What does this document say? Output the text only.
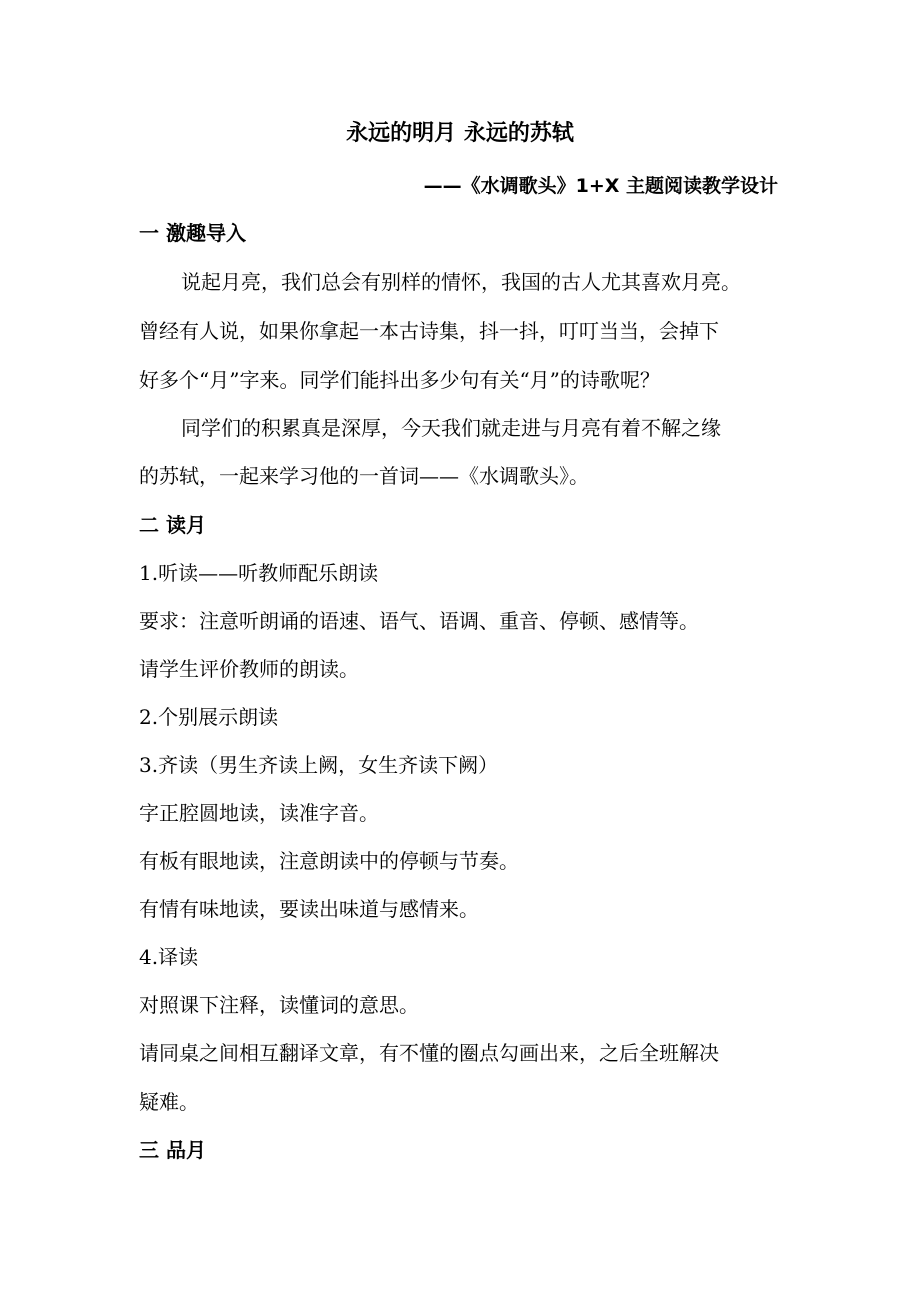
永远的明月 永远的苏轼
——《水调歌头》1+X 主题阅读教学设计
一 激趣导入
说起月亮，我们总会有别样的情怀，我国的古人尤其喜欢月亮。
曾经有人说，如果你拿起一本古诗集，抖一抖，叮叮当当，会掉下
好多个“月”字来。同学们能抖出多少句有关“月”的诗歌呢？
同学们的积累真是深厚，今天我们就走进与月亮有着不解之缘
的苏轼，一起来学习他的一首词——《水调歌头》。
二 读月
1.听读——听教师配乐朗读
要求：注意听朗诵的语速、语气、语调、重音、停顿、感情等。
请学生评价教师的朗读。
2.个别展示朗读
3.齐读（男生齐读上阙，女生齐读下阙）
字正腔圆地读，读准字音。
有板有眼地读，注意朗读中的停顿与节奏。
有情有味地读，要读出味道与感情来。
4.译读
对照课下注释，读懂词的意思。
请同桌之间相互翻译文章，有不懂的圈点勾画出来，之后全班解决
疑难。
三 品月
